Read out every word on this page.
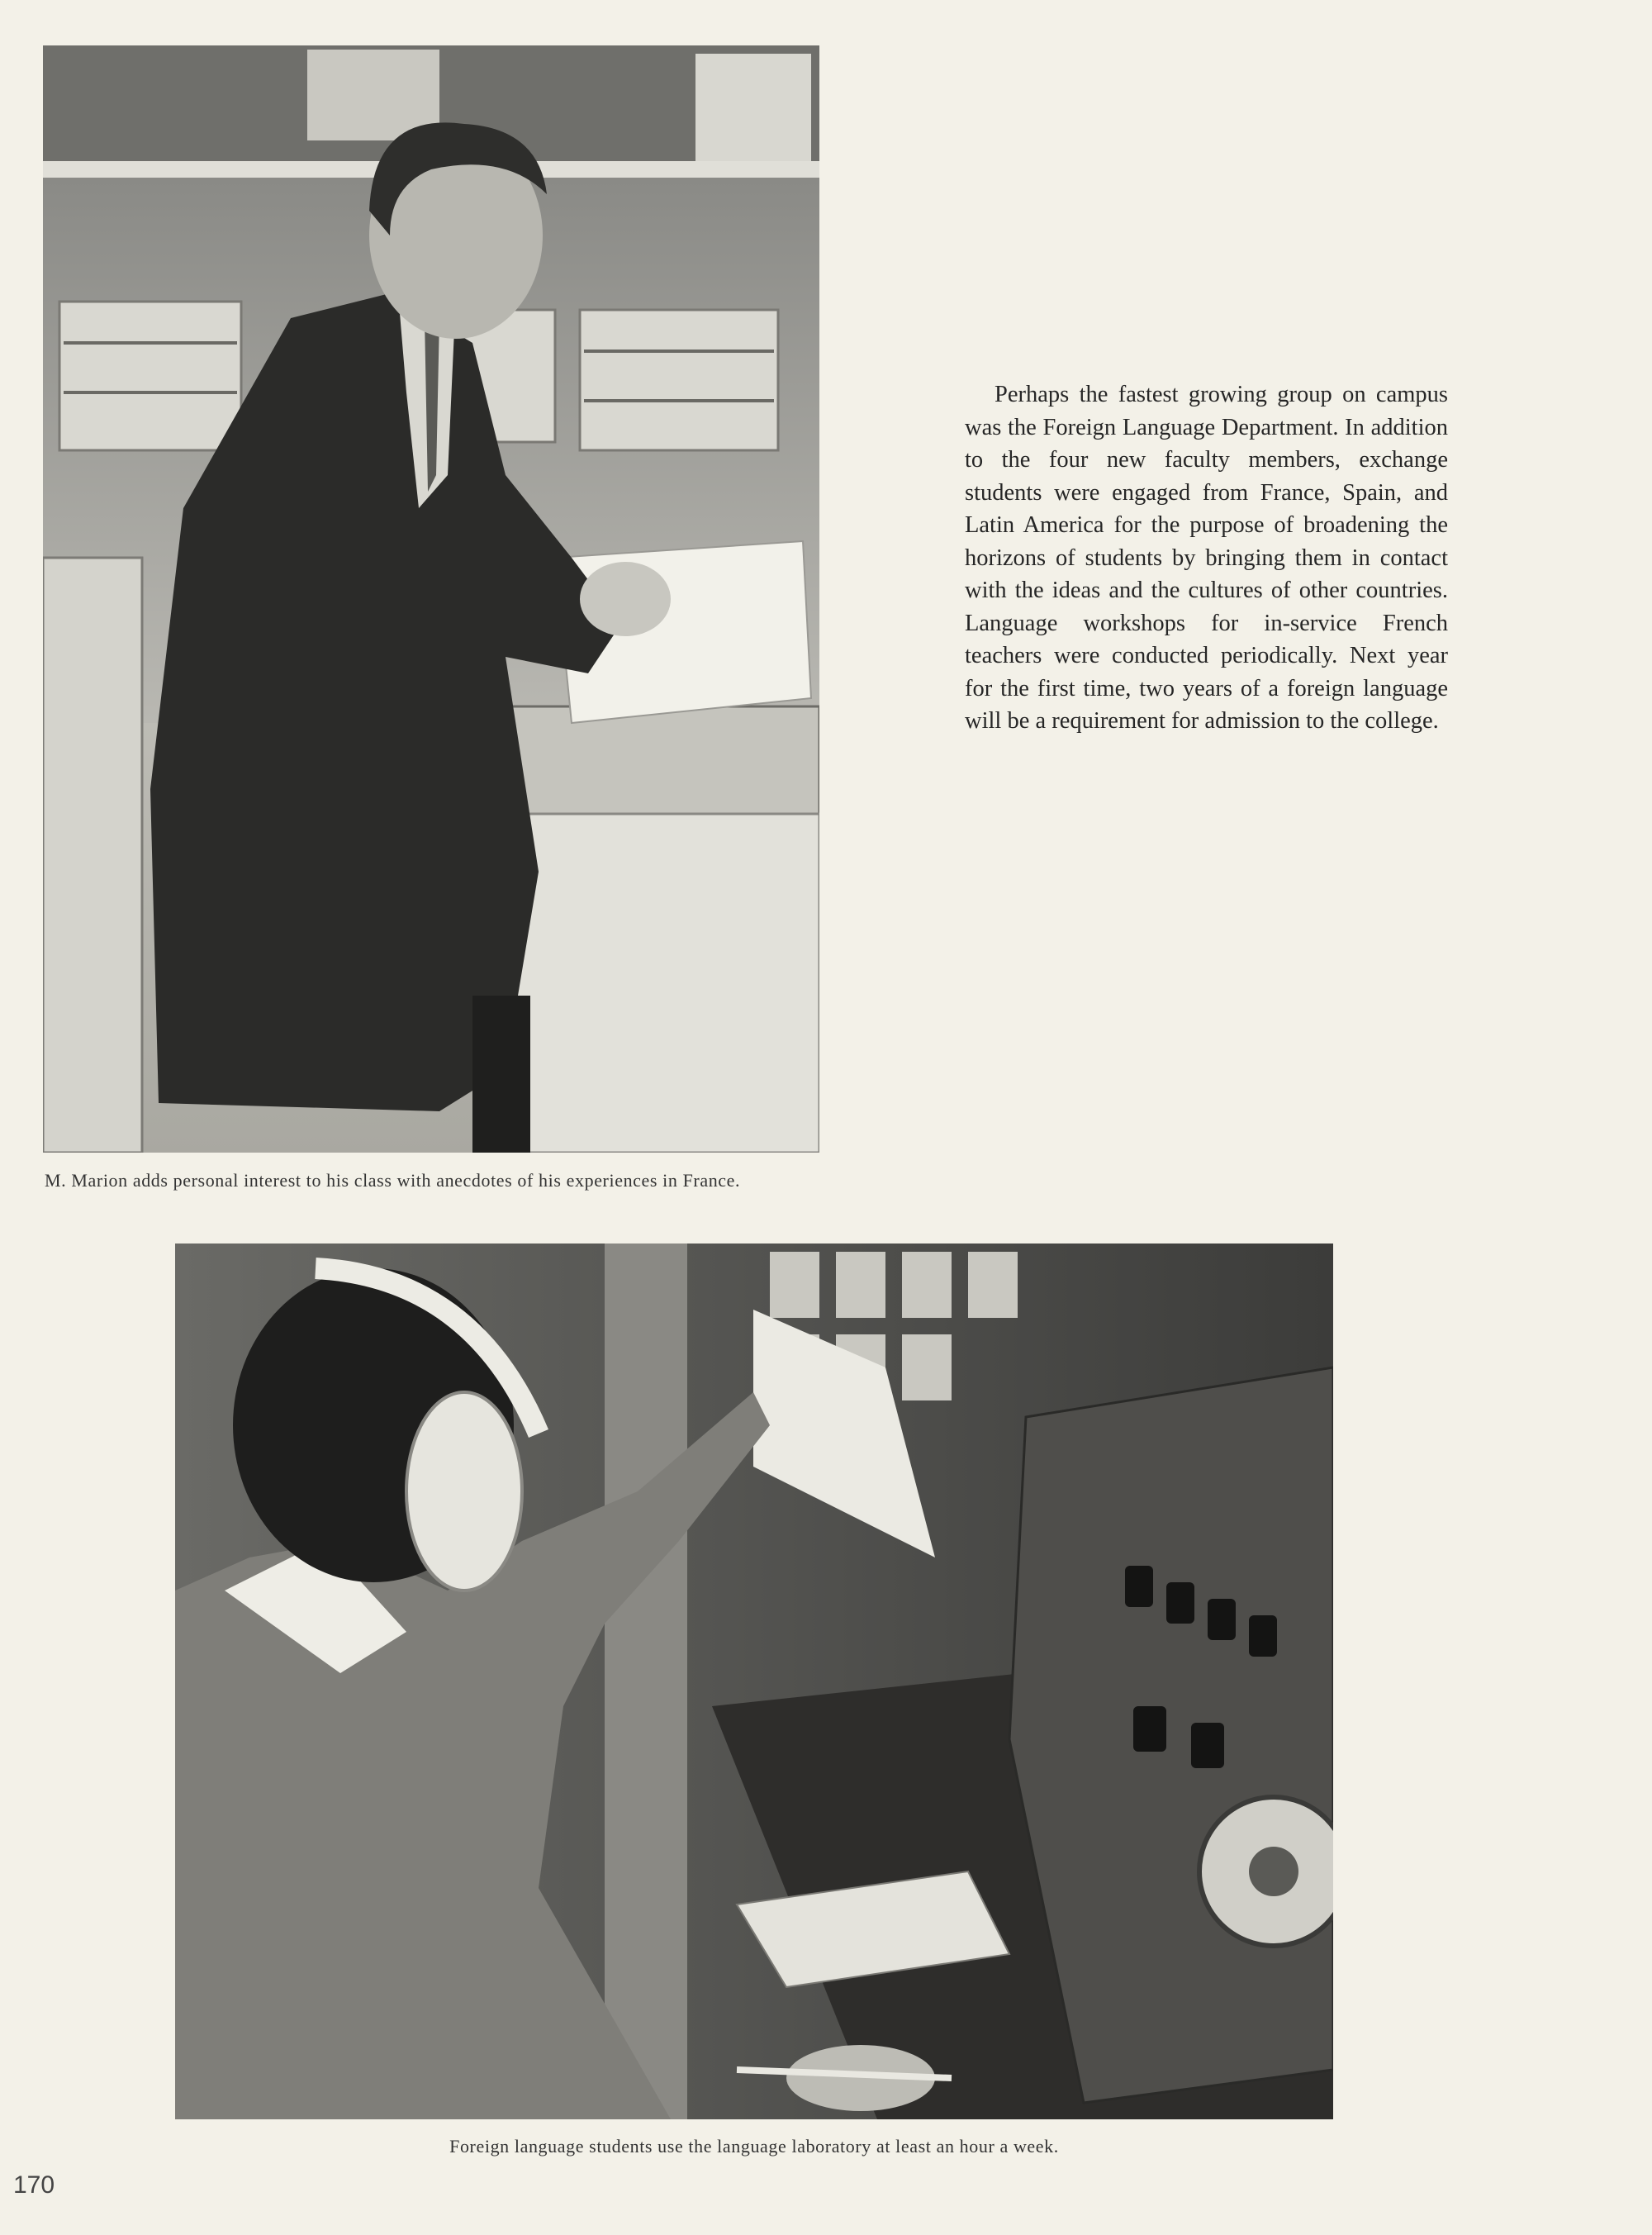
M. Marion adds personal interest to his class with anecdotes of his experiences in France.
Perhaps the fastest growing group on campus was the Foreign Language Department. In addition to the four new faculty members, exchange students were engaged from France, Spain, and Latin America for the purpose of broadening the horizons of students by bringing them in contact with the ideas and the cultures of other countries. Language workshops for in-service French teachers were conducted periodically. Next year for the first time, two years of a foreign language will be a requirement for admission to the college.
Foreign language students use the language laboratory at least an hour a week.
170
